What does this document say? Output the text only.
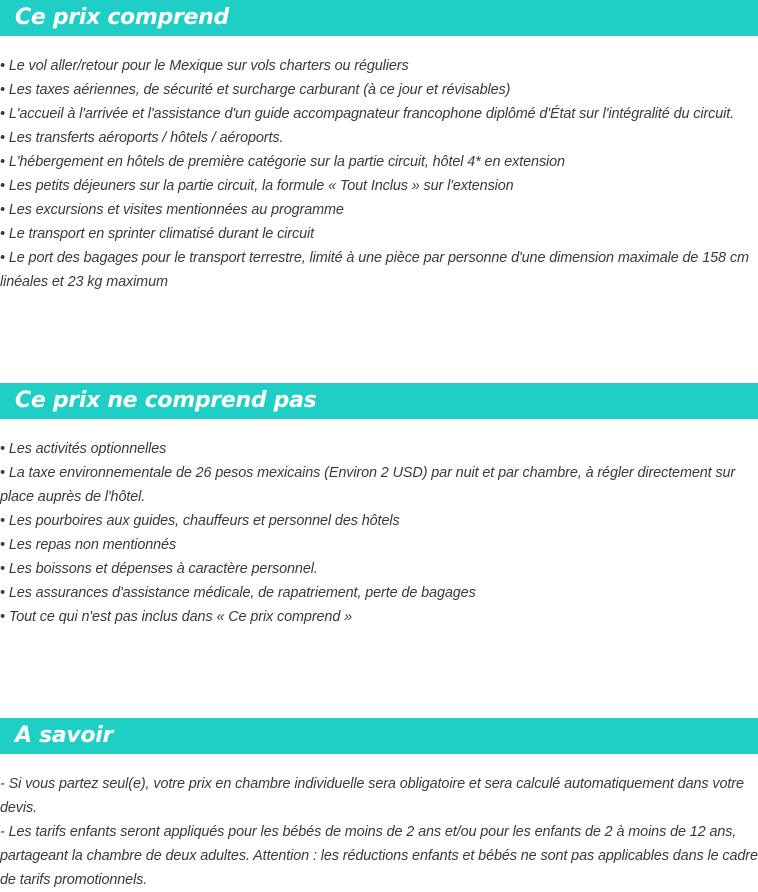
Ce prix comprend
• Le vol aller/retour pour le Mexique sur vols charters ou réguliers
• Les taxes aériennes, de sécurité et surcharge carburant (à ce jour et révisables)
• L'accueil à l'arrivée et l'assistance d'un guide accompagnateur francophone diplômé d'État sur l'intégralité du circuit.
• Les transferts aéroports / hôtels / aéroports.
• L'hébergement en hôtels de première catégorie sur la partie circuit, hôtel 4* en extension
• Les petits déjeuners sur la partie circuit, la formule « Tout Inclus » sur l'extension
• Les excursions et visites mentionnées au programme
• Le transport en sprinter climatisé durant le circuit
• Le port des bagages pour le transport terrestre, limité à une pièce par personne d'une dimension maximale de 158 cm linéales et 23 kg maximum
Ce prix ne comprend pas
• Les activités optionnelles
• La taxe environnementale de 26 pesos mexicains (Environ 2 USD) par nuit et par chambre, à régler directement sur place auprès de l'hôtel.
• Les pourboires aux guides, chauffeurs et personnel des hôtels
• Les repas non mentionnés
• Les boissons et dépenses à caractère personnel.
• Les assurances d'assistance médicale, de rapatriement, perte de bagages
• Tout ce qui n'est pas inclus dans « Ce prix comprend »
A savoir
- Si vous partez seul(e), votre prix en chambre individuelle sera obligatoire et sera calculé automatiquement dans votre devis.
- Les tarifs enfants seront appliqués pour les bébés de moins de 2 ans et/ou pour les enfants de 2 à moins de 12 ans, partageant la chambre de deux adultes. Attention : les réductions enfants et bébés ne sont pas applicables dans le cadre de tarifs promotionnels.
